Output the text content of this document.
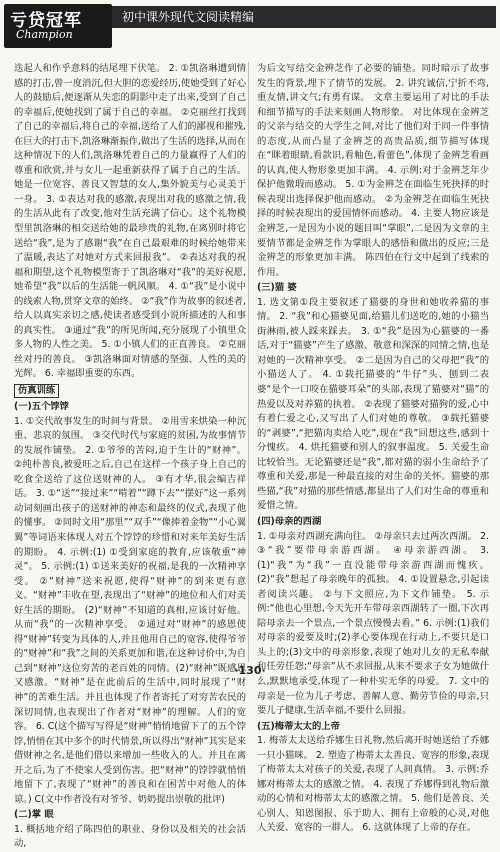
亏贷冠军
Champion
初中课外现代文阅读精编
迭起人和作乎意料的结尾埋下伏笔。 2. ①凯洛琳遭到情感的打击,曾一度消沉,但大胆的恋爱经历,使她受到了好心人的鼓励后,便逐渐从失恋的阴影中走了出来,受到了自己的幸福后,使她找到了属于自己的幸福。 ②克丽丝打找到了自己的幸福后,将自己的幸福,送给了人们的鄙视和摧残,在巨大的打击下,凯洛琳渐振作,做出了生活的选择,从而在这种情况下的人们,凯洛琳凭着自己的力量赢得了人们的尊重和欣赏,并与女儿一起重新获得了属于自己的生活。她是一位宽容、善良又智慧的女人,集外貌美与心灵美于一身。 3. ①表达对我的感激,表现出对我的感激之情,我的生活从此有了改变,他对生活充满了信心。这个礼物模型里凯洛琳的相交送给她的最珍贵的礼物,在离别时将它送给“我”,是为了感谢“我”在自己最艰难的时候给她带来了温暖,表达了对她对方式来回报我”。 ②表达对我的祝福和期望,这个礼物模型寄于了凯洛琳对“我”的美好祝愿,她希望“我”以后的生活能一帆风顺。 4. ①“我”是小说中的线索人物,贯穿文章的始终。 ②“我”作为故事的叙述者,给人以真实亲切之感,使读者感受到小说所描述的人和事的真实性。 ③通过“我”的所见所闻,充分展现了小镇里众多人物的人性之美。 5. ①小镇人们的正直善良。 ②克丽丝对丹的善良。 ③凯洛琳面对情感的坚强、人性的美的光辉。 6. 幸福即重要的东西。
仿真训练
(一)五个饽饽
1. ①交代故事发生的时间与背景。 ②用雪来烘染一种沉重、悲哀的氛围。 ③交代时代与家庭的贫困,为故事情节的发展作铺垫。 2. ①爷爷的苦闷,迫于生计的“财神”。 ②纯朴善良,被爱旺之后,自己在这样一个孩子身上自己的吃食全送给了这位送财神的人。 ③有才华,很会编吉祥话。 3. ①“送”“接过来”“啃着”“蹲下去”“摆好”这一系列动词刻画出孩子的送财神的神态和最终的仪式,表现了他的懂事。 ②同时文用“那里”“双手”“像捧着金物”“小心翼翼”等词语来体现人对五个饽饽的珍惜和对来年美好生活的期盼。 4. 示例:(1) ①受到家庭的教育,应该敬重“神灵”。 5. 示例:(1) ①送来美好的祝福,是我的一次精神享受。 ②“财神”送来祝愿,使得“财神”的到来更有意义。“财神”丰收在望,表现出了“财神”的地位和人们对美好生活的期盼。 (2)“财神”不知道的真相,应该讨好他。从而“我”的一次精神享受。 ②通过对“财神”的感恩使得“财神”转变为具体的人,并且他用自己的宽容,使得爷爷的“财神”和“我”之间的关系更加和谐,在这种讨价中,为自己到“财神”这位穷苦的老百姓的同情。(2)“财神”既感恩又感激。“财神”是在此前后的生活中,同时展现了“财神”的苦难生活。并且也体现了作者寄托了对穷苦农民的深切同情,也表现出了作者对“财神”的理解。人们的宽容。 6. C(这个描写写得是“财神”悄悄地留下了的五个饽饽,悄悄在其中多个的时代情景,所以得出“财神”其实是来借财神之名,是他们借以来增加一些收入的人。并且在离开之后,为了不使家人受到伤害。把“财神”的饽饽就悄悄地留下了,表现了“财神”的善良和在困苦中对他人的体谅。) C(文中作者没有对爷爷、奶奶提出崇敬的批评)
(二)掌 眼
1. 概括地介绍了陈四伯的职业、身份以及相关的社会活动,
为后文写结交金辨芝作了必要的铺垫。同时暗示了故事发生的背景,埋下了情节的发展。 2. 讲究诚信,宁折不弯,重友情,讲文气;有勇有谋。 文章主要运用了对比的手法和细节描写的手法来刻画人物形象。 对比体现在金辨芝的父亲与结交的大学生之间,对比了他们对于同一件事情的态度,从而凸显了金辨芝的高贵品质,细节描写体现在“眯着眼睛,看款识,看釉色,看蕾色”,体现了金辨芝看画的认真,使人物形象更加丰满。 4. 示例:对于金辨芝年少保护他微瑕而感动。 5. ①为金辨芝在面临生死抉择的时候表现出选择保护他而感动。 ②为金辨芝在面临生死抉择的时候表现出的爱国情怀而感动。 4. 主要人物应该是金辨芝,一是因为小说的题目叫“掌眼”,二是因为文章的主要情节都是金辨芝作为掌眼人的感悟和做出的反应;三是金辨芝的形象更加丰满。 陈四伯在行文中起到了线索的作用。
(三)猫 婆
1. 选文第①段主要叙述了猫婆的身世和她收养猫的事情。 2. “我”和心猫婆见面,给猫儿们送吃的,她的小猫当街淋雨,被人踩来踩去。 3. ①“我”是因为心猫婆的一番话,对于“猫婆”产生了感激、敬意和深深的同情之情,也是对她的一次精神享受。 ②二是因为自己的父母把“我”的小猫送人了。 4. ①载托猫婆的“牛仔”头、刨到二表婆“是个一口咬在猫婆耳朵”的头部,表现了猫婆对“猫”的热爱以及对养猫的执着。 ②表现了猫婆对猫狗的爱,心中有着仁爱之心,又写出了人们对她的尊敬。 ③载托猫婆的“剥婆”,“把猫肉卖给人吃”,现在“我”回想这些,感到十分愧疚。 4. 烘托猫婆和别人的叙事温度。 5. 关爱生命比较恰当。无论猫婆还是“我”,都对猫的弱小生命给予了尊重和关爱,那是一种最直接的对生命的关怀。猫婆的那些猫,“我”对猫的那些情感,都显出了人们对生命的尊重和爱惜之情。
(四)母亲的西湖
1. ①母亲对西湖充满向往。 ②母亲只去过两次西湖。 2. ③“我”要带母亲游西湖。 ④母亲游西湖。 3. (1)“我”为“我”一直没能带母亲游西湖而愧疚。 (2)“我”想起了母亲晚年的孤独。 4. ①设置悬念,引起读者阅读兴趣。 ②与下文照应,为下文作铺垫。 5. 示例:“他也心里想,今天先开车带母亲西湖转了一圈,下次再陪母亲去一个景点,一个景点慢慢去看。” 6. 示例:(1)我们对母亲的爱要及时;(2)孝心要体现在行动上,不要只是口头上的;(3)文中的母亲形象,表现了她对儿女的无私奉献和任劳任怨;“母亲”从不求回报,从来不要求子女为她做什么,默默地承受,体现了一种朴实无华的母爱。 7. 文中的母亲是一位为儿子考虑、善解人意、勤劳节俭的母亲,只要儿子健康,生活幸福,不要什么回报。
(五)梅蒂太太的上帝
1. 梅蒂太太送给乔娜生日礼物,然后离开时她送给了乔娜一只小猫咪。 2. 塑造了梅蒂太太善良、宽容的形象,表现了梅蒂太太对孩子的关爱,表现了人间真情。 3. 示例:乔娜对梅蒂太太的感激之情。 4. 表现了乔娜得到礼物后激动的心情和对梅蒂太太的感激之情。 5. 他们是善良、关心别人、知恩图报、乐于助人、拥有上帝般的心灵,对他人关爱、宽容的一群人。 6. 这就体现了上帝的存在。
·130·
